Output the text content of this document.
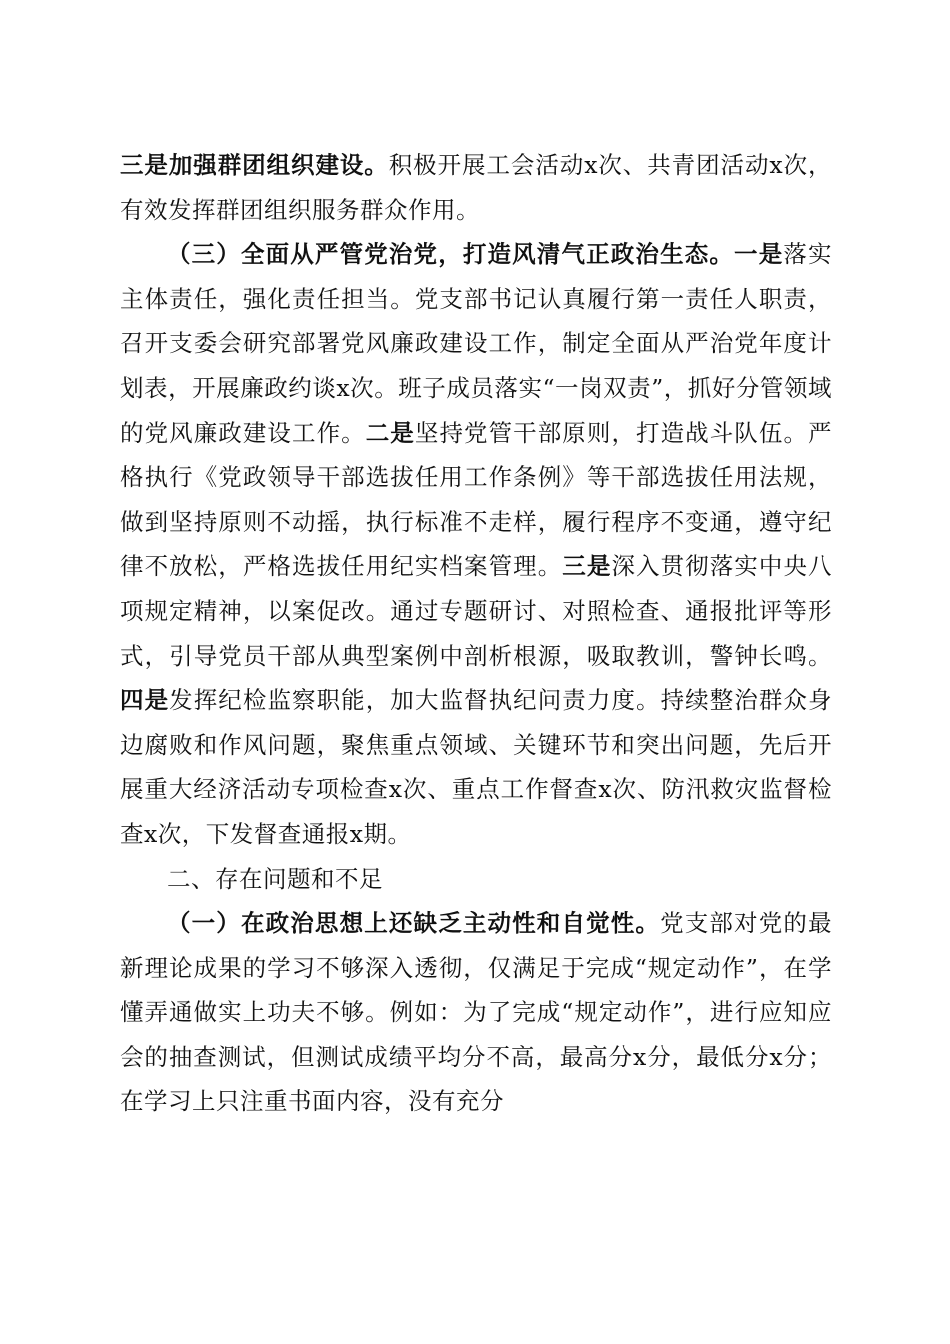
三是加强群团组织建设。积极开展工会活动x次、共青团活动x次，有效发挥群团组织服务群众作用。

（三）全面从严管党治党，打造风清气正政治生态。一是落实主体责任，强化责任担当。党支部书记认真履行第一责任人职责，召开支委会研究部署党风廉政建设工作，制定全面从严治党年度计划表，开展廉政约谈x次。班子成员落实“一岗双责”，抓好分管领域的党风廉政建设工作。二是坚持党管干部原则，打造战斗队伍。严格执行《党政领导干部选拔任用工作条例》等干部选拔任用法规，做到坚持原则不动摇，执行标准不走样，履行程序不变通，遵守纪律不放松，严格选拔任用纪实档案管理。三是深入贯彻落实中央八项规定精神，以案促改。通过专题研讨、对照检查、通报批评等形式，引导党员干部从典型案例中剖析根源，吸取教训，警钟长鸣。四是发挥纪检监察职能，加大监督执纪问责力度。持续整治群众身边腐败和作风问题，聚焦重点领域、关键环节和突出问题，先后开展重大经济活动专项检查x次、重点工作督查x次、防汛救灾监督检查x次，下发督查通报x期。

二、存在问题和不足

（一）在政治思想上还缺乏主动性和自觉性。党支部对党的最新理论成果的学习不够深入透彻，仅满足于完成“规定动作”，在学懂弄通做实上功夫不够。例如：为了完成“规定动作”，进行应知应会的抽查测试，但测试成绩平均分不高，最高分x分，最低分x分；在学习上只注重书面内容，没有充分
